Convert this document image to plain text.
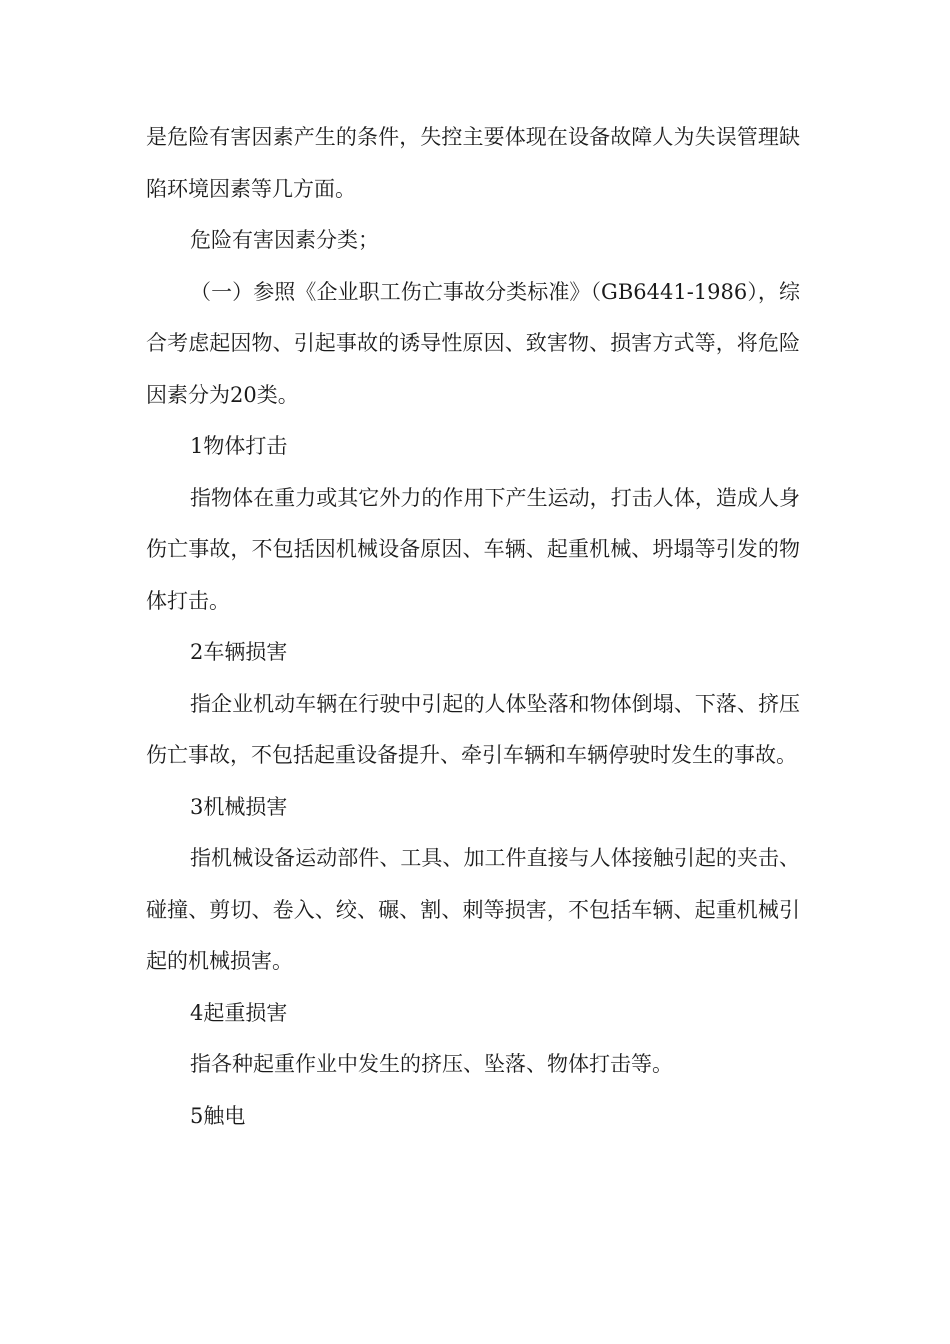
是危险有害因素产生的条件，失控主要体现在设备故障人为失误管理缺陷环境因素等几方面。

危险有害因素分类；

（一）参照《企业职工伤亡事故分类标准》（GB6441-1986），综合考虑起因物、引起事故的诱导性原因、致害物、损害方式等，将危险因素分为20类。

1物体打击

指物体在重力或其它外力的作用下产生运动，打击人体，造成人身伤亡事故，不包括因机械设备原因、车辆、起重机械、坍塌等引发的物体打击。

2车辆损害

指企业机动车辆在行驶中引起的人体坠落和物体倒塌、下落、挤压伤亡事故，不包括起重设备提升、牵引车辆和车辆停驶时发生的事故。

3机械损害

指机械设备运动部件、工具、加工件直接与人体接触引起的夹击、碰撞、剪切、卷入、绞、碾、割、刺等损害，不包括车辆、起重机械引起的机械损害。

4起重损害

指各种起重作业中发生的挤压、坠落、物体打击等。

5触电
